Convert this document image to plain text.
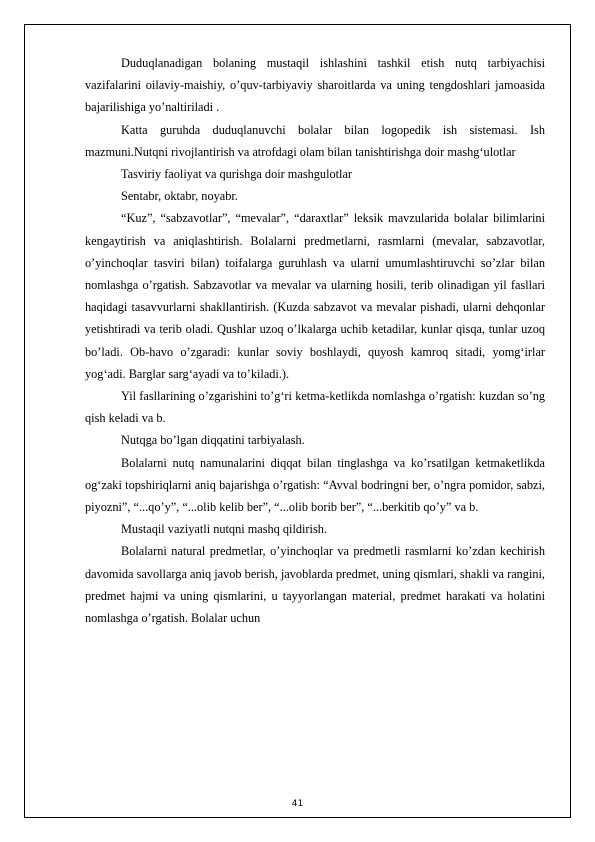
Duduqlanadigan bolaning mustaqil ishlashini tashkil etish nutq tarbiyachisi vazifalarini oilaviy-maishiy, o’quv-tarbiyaviy sharoitlarda va uning tengdoshlari jamoasida bajarilishiga yo’naltiriladi .

Katta guruhda duduqlanuvchi bolalar bilan logopedik ish sistemasi. Ish mazmuni.Nutqni rivojlantirish va atrofdagi olam bilan tanishtirishga doir mashg‘ulotlar

Tasviriy faoliyat va qurishga doir mashgulotlar

Sentabr, oktabr, noyabr.

“Kuz”, “sabzavotlar”, “mevalar”, “daraxtlar” leksik mavzularida bolalar bilimlarini kengaytirish va aniqlashtirish. Bolalarni predmetlarni, rasmlarni (mevalar, sabzavotlar, o’yinchoqlar tasviri bilan) toifalarga guruhlash va ularni umumlashtiruvchi so’zlar bilan nomlashga o’rgatish. Sabzavotlar va mevalar va ularning hosili, terib olinadigan yil fasllari haqidagi tasavvurlarni shakllantirish. (Kuzda sabzavot va mevalar pishadi, ularni dehqonlar yetishtiradi va terib oladi. Qushlar uzoq o’lkalarga uchib ketadilar, kunlar qisqa, tunlar uzoq bo’ladi. Ob-havo o’zgaradi: kunlar soviy boshlaydi, quyosh kamroq sitadi, yomg‘irlar yog‘adi. Barglar sarg‘ayadi va to’kiladi.).

Yil fasllarining o’zgarishini to’g‘ri ketma-ketlikda nomlashga o’rgatish: kuzdan so’ng qish keladi va b.

Nutqga bo’lgan diqqatini tarbiyalash.

Bolalarni nutq namunalarini diqqat bilan tinglashga va ko’rsatilgan ketmaketlikda og‘zaki topshiriqlarni aniq bajarishga o’rgatish: “Avval bodringni ber, o’ngra pomidor, sabzi, piyozni”, “...qo’y”, “...olib kelib ber”, “...olib borib ber”, “...berkitib qo’y” va b.

Mustaqil vaziyatli nutqni mashq qildirish.

Bolalarni natural predmetlar, o’yinchoqlar va predmetli rasmlarni ko’zdan kechirish davomida savollarga aniq javob berish, javoblarda predmet, uning qismlari, shakli va rangini, predmet hajmi va uning qismlarini, u tayyorlangan material, predmet harakati va holatini nomlashga o’rgatish. Bolalar uchun

41
